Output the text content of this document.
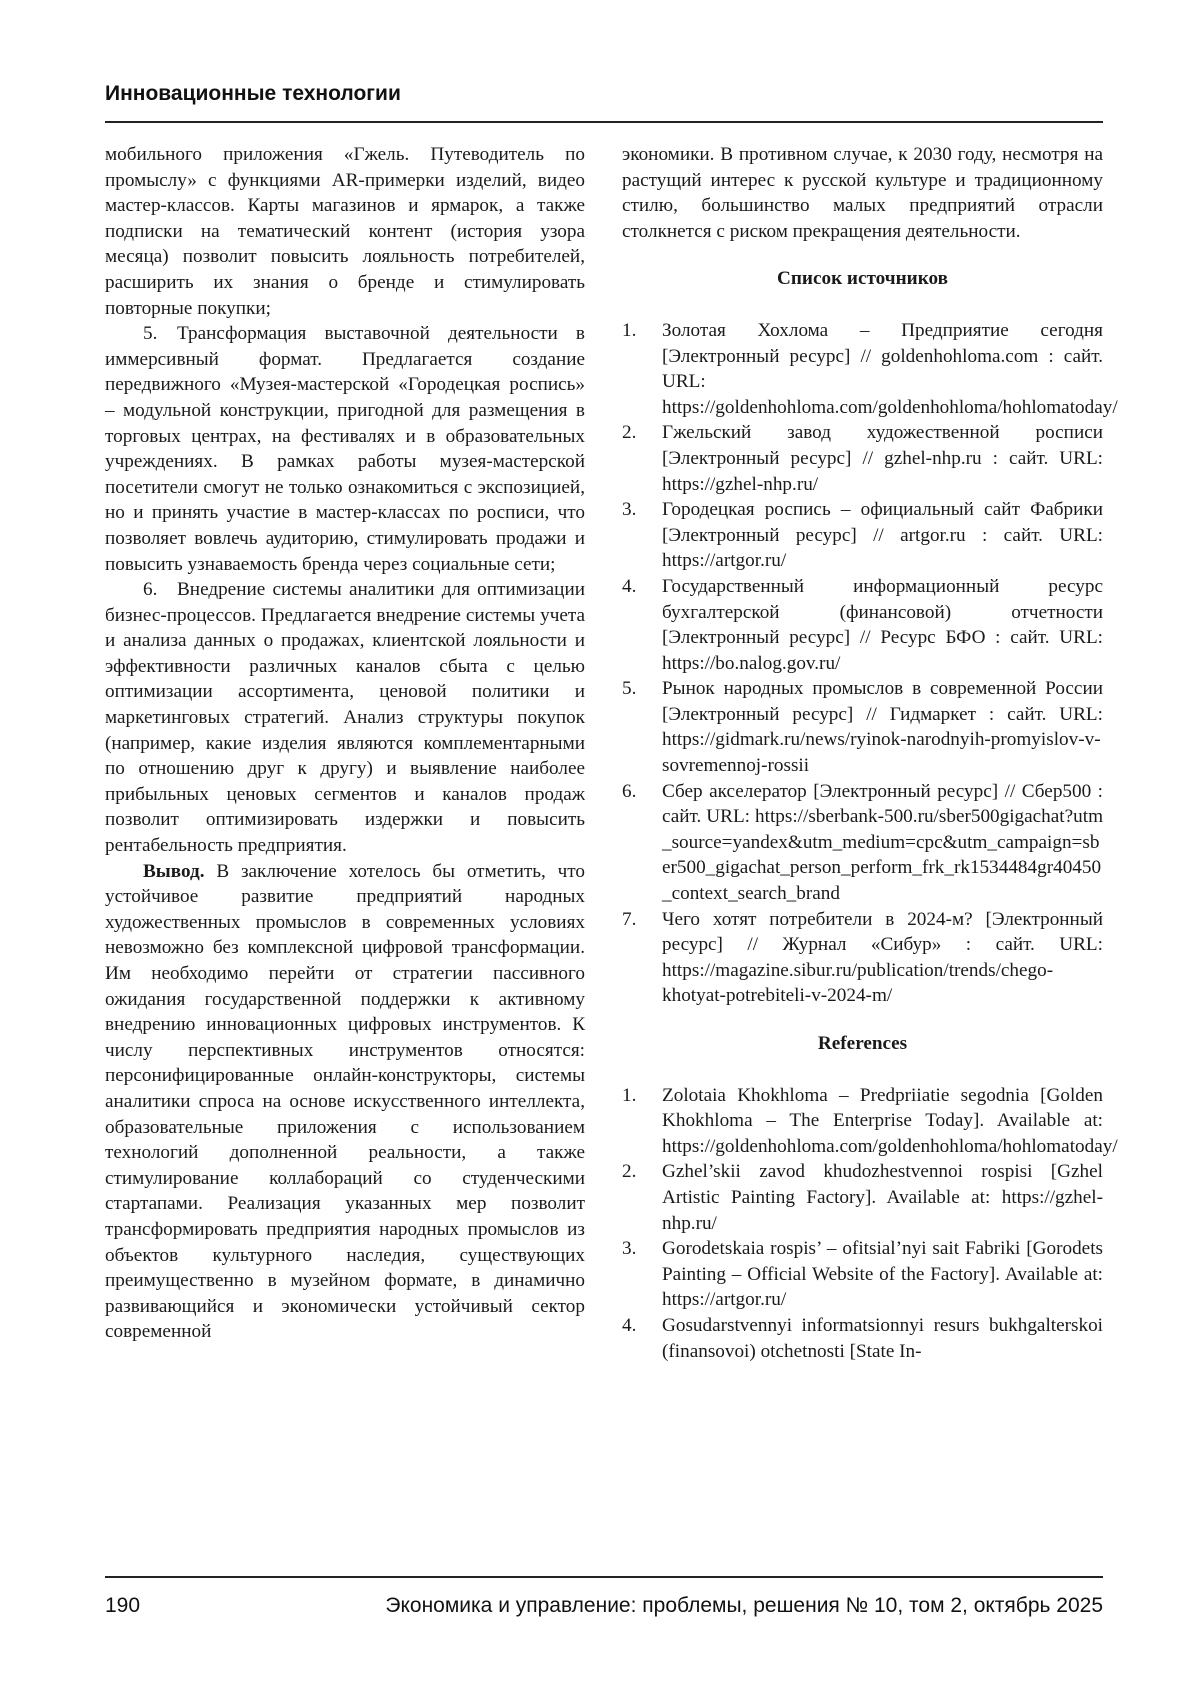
Инновационные технологии

мобильного приложения «Гжель. Путеводитель по промыслу» с функциями AR-примерки изделий, видео мастер-классов. Карты магазинов и ярмарок, а также подписки на тематический контент (история узора месяца) позволит повысить лояльность потребителей, расширить их знания о бренде и стимулировать повторные покупки;

5. Трансформация выставочной деятельности в иммерсивный формат. Предлагается создание передвижного «Музея-мастерской «Городецкая роспись» – модульной конструкции, пригодной для размещения в торговых центрах, на фестивалях и в образовательных учреждениях. В рамках работы музея-мастерской посетители смогут не только ознакомиться с экспозицией, но и принять участие в мастер-классах по росписи, что позволяет вовлечь аудиторию, стимулировать продажи и повысить узнаваемость бренда через социальные сети;

6. Внедрение системы аналитики для оптимизации бизнес-процессов. Предлагается внедрение системы учета и анализа данных о продажах, клиентской лояльности и эффективности различных каналов сбыта с целью оптимизации ассортимента, ценовой политики и маркетинговых стратегий. Анализ структуры покупок (например, какие изделия являются комплементарными по отношению друг к другу) и выявление наиболее прибыльных ценовых сегментов и каналов продаж позволит оптимизировать издержки и повысить рентабельность предприятия.

Вывод. В заключение хотелось бы отметить, что устойчивое развитие предприятий народных художественных промыслов в современных условиях невозможно без комплексной цифровой трансформации. Им необходимо перейти от стратегии пассивного ожидания государственной поддержки к активному внедрению инновационных цифровых инструментов. К числу перспективных инструментов относятся: персонифицированные онлайн-конструкторы, системы аналитики спроса на основе искусственного интеллекта, образовательные приложения с использованием технологий дополненной реальности, а также стимулирование коллабораций со студенческими стартапами. Реализация указанных мер позволит трансформировать предприятия народных промыслов из объектов культурного наследия, существующих преимущественно в музейном формате, в динамично развивающийся и экономически устойчивый сектор современной

экономики. В противном случае, к 2030 году, несмотря на растущий интерес к русской культуре и традиционному стилю, большинство малых предприятий отрасли столкнется с риском прекращения деятельности.

Список источников
1. Золотая Хохлома – Предприятие сегодня [Электронный ресурс] // goldenhohloma.com : сайт. URL: https://goldenhohloma.com/goldenhohloma/hohlomatoday/
2. Гжельский завод художественной росписи [Электронный ресурс] // gzhel-nhp.ru : сайт. URL: https://gzhel-nhp.ru/
3. Городецкая роспись – официальный сайт Фабрики [Электронный ресурс] // artgor.ru : сайт. URL: https://artgor.ru/
4. Государственный информационный ресурс бухгалтерской (финансовой) отчетности [Электронный ресурс] // Ресурс БФО : сайт. URL: https://bo.nalog.gov.ru/
5. Рынок народных промыслов в современной России [Электронный ресурс] // Гидмаркет : сайт. URL: https://gidmark.ru/news/ryinok-narodnyih-promyislov-v-sovremennoj-rossii
6. Сбер акселератор [Электронный ресурс] // Сбер500 : сайт. URL: https://sberbank-500.ru/sber500gigachat?utm_source=yandex&utm_medium=cpc&utm_campaign=sber500_gigachat_person_perform_frk_rk1534484gr40450_context_search_brand
7. Чего хотят потребители в 2024-м? [Электронный ресурс] // Журнал «Сибур» : сайт. URL: https://magazine.sibur.ru/publication/trends/chego-khotyat-potrebiteli-v-2024-m/
References
1. Zolotaia Khokhloma – Predpriiatie segodnia [Golden Khokhloma – The Enterprise Today]. Available at: https://goldenhohloma.com/goldenhohloma/hohlomatoday/
2. Gzhel’skii zavod khudozhestvennoi rospisi [Gzhel Artistic Painting Factory]. Available at: https://gzhel-nhp.ru/
3. Gorodetskaia rospis’ – ofitsial’nyi sait Fabriki [Gorodets Painting – Official Website of the Factory]. Available at: https://artgor.ru/
4. Gosudarstvennyi informatsionnyi resurs bukhgalterskoi (finansovoi) otchetnosti [State In-
190	Экономика и управление: проблемы, решения № 10, том 2, октябрь 2025
